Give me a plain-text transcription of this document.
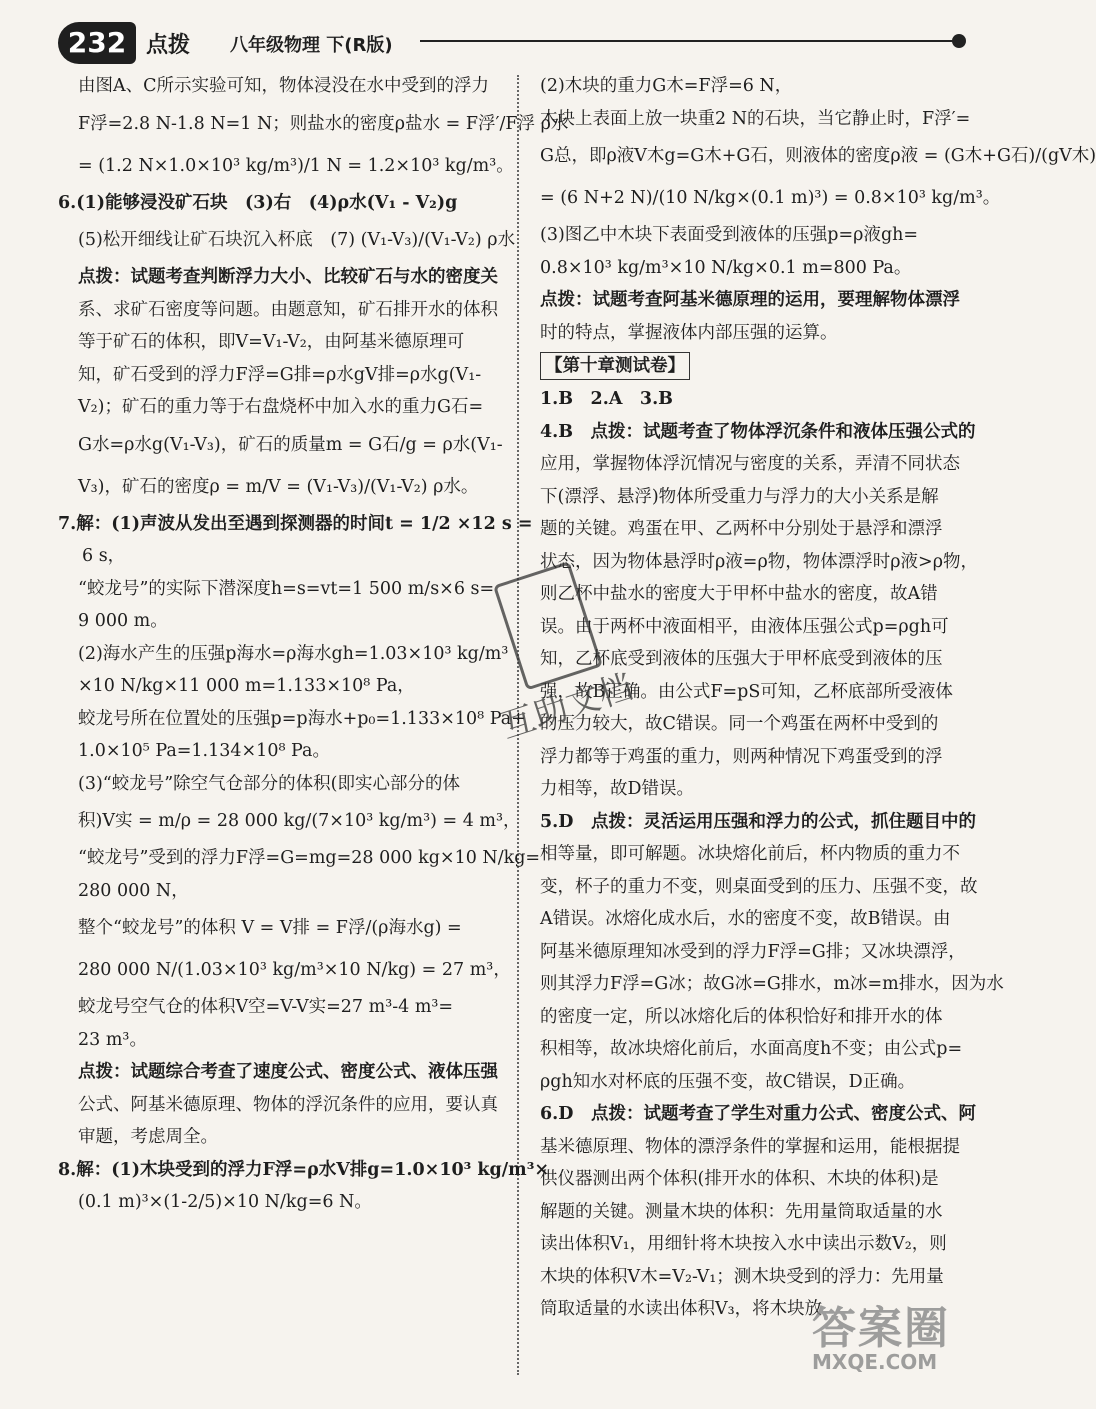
232 点拨 八年级物理 下(R版)
由图A、C所示实验可知，物体浸没在水中受到的浮力
F浮=2.8 N-1.8 N=1 N；则盐水的密度ρ盐水 = F浮′/F浮 ρ水
= (1.2 N×1.0×10³ kg/m³)/1 N = 1.2×10³ kg/m³。
6.(1)能够浸没矿石块　(3)右　(4)ρ水(V₁ - V₂)g
(5)松开细线让矿石块沉入杯底　(7) (V₁-V₃)/(V₁-V₂) ρ水
点拨：试题考查判断浮力大小、比较矿石与水的密度关
系、求矿石密度等问题。由题意知，矿石排开水的体积
等于矿石的体积，即V=V₁-V₂，由阿基米德原理可
知，矿石受到的浮力F浮=G排=ρ水gV排=ρ水g(V₁-
V₂)；矿石的重力等于右盘烧杯中加入水的重力G石=
G水=ρ水g(V₁-V₃)，矿石的质量m = G石/g = ρ水(V₁-
V₃)，矿石的密度ρ = m/V = (V₁-V₃)/(V₁-V₂) ρ水。
7.解：(1)声波从发出至遇到探测器的时间t = 1/2 ×12 s =
6 s，
“蛟龙号”的实际下潜深度h=s=vt=1 500 m/s×6 s=
9 000 m。
(2)海水产生的压强p海水=ρ海水gh=1.03×10³ kg/m³
×10 N/kg×11 000 m=1.133×10⁸ Pa，
蛟龙号所在位置处的压强p=p海水+p₀=1.133×10⁸ Pa+
1.0×10⁵ Pa=1.134×10⁸ Pa。
(3)“蛟龙号”除空气仓部分的体积(即实心部分的体
积)V实 = m/ρ = 28 000 kg/(7×10³ kg/m³) = 4 m³，
“蛟龙号”受到的浮力F浮=G=mg=28 000 kg×10 N/kg=
280 000 N，
整个“蛟龙号”的体积 V = V排 = F浮/(ρ海水g) =
280 000 N/(1.03×10³ kg/m³×10 N/kg) = 27 m³，
蛟龙号空气仓的体积V空=V-V实=27 m³-4 m³=
23 m³。
点拨：试题综合考查了速度公式、密度公式、液体压强
公式、阿基米德原理、物体的浮沉条件的应用，要认真
审题，考虑周全。
8.解：(1)木块受到的浮力F浮=ρ水V排g=1.0×10³ kg/m³×
(0.1 m)³×(1-2/5)×10 N/kg=6 N。
(2)木块的重力G木=F浮=6 N，
木块上表面上放一块重2 N的石块，当它静止时，F浮′=
G总，即ρ液V木g=G木+G石，则液体的密度ρ液 = (G木+G石)/(gV木)
= (6 N+2 N)/(10 N/kg×(0.1 m)³) = 0.8×10³ kg/m³。
(3)图乙中木块下表面受到液体的压强p=ρ液gh=
0.8×10³ kg/m³×10 N/kg×0.1 m=800 Pa。
点拨：试题考查阿基米德原理的运用，要理解物体漂浮
时的特点，掌握液体内部压强的运算。
【第十章测试卷】
1.B　2.A　3.B
4.B　点拨：试题考查了物体浮沉条件和液体压强公式的
应用，掌握物体浮沉情况与密度的关系，弄清不同状态
下(漂浮、悬浮)物体所受重力与浮力的大小关系是解
题的关键。鸡蛋在甲、乙两杯中分别处于悬浮和漂浮
状态，因为物体悬浮时ρ液=ρ物，物体漂浮时ρ液>ρ物，
则乙杯中盐水的密度大于甲杯中盐水的密度，故A错
误。由于两杯中液面相平，由液体压强公式p=ρgh可
知，乙杯底受到液体的压强大于甲杯底受到液体的压
强，故B正确。由公式F=pS可知，乙杯底部所受液体
的压力较大，故C错误。同一个鸡蛋在两杯中受到的
浮力都等于鸡蛋的重力，则两种情况下鸡蛋受到的浮
力相等，故D错误。
5.D　点拨：灵活运用压强和浮力的公式，抓住题目中的
相等量，即可解题。冰块熔化前后，杯内物质的重力不
变，杯子的重力不变，则桌面受到的压力、压强不变，故
A错误。冰熔化成水后，水的密度不变，故B错误。由
阿基米德原理知冰受到的浮力F浮=G排；又冰块漂浮，
则其浮力F浮=G冰；故G冰=G排水，m冰=m排水，因为水
的密度一定，所以冰熔化后的体积恰好和排开水的体
积相等，故冰块熔化前后，水面高度h不变；由公式p=
ρgh知水对杯底的压强不变，故C错误，D正确。
6.D　点拨：试题考查了学生对重力公式、密度公式、阿
基米德原理、物体的漂浮条件的掌握和运用，能根据提
供仪器测出两个体积(排开水的体积、木块的体积)是
解题的关键。测量木块的体积：先用量筒取适量的水
读出体积V₁，用细针将木块按入水中读出示数V₂，则
木块的体积V木=V₂-V₁；测木块受到的浮力：先用量
筒取适量的水读出体积V₃，将木块放
互助文档
答案圈
MXQE.COM
